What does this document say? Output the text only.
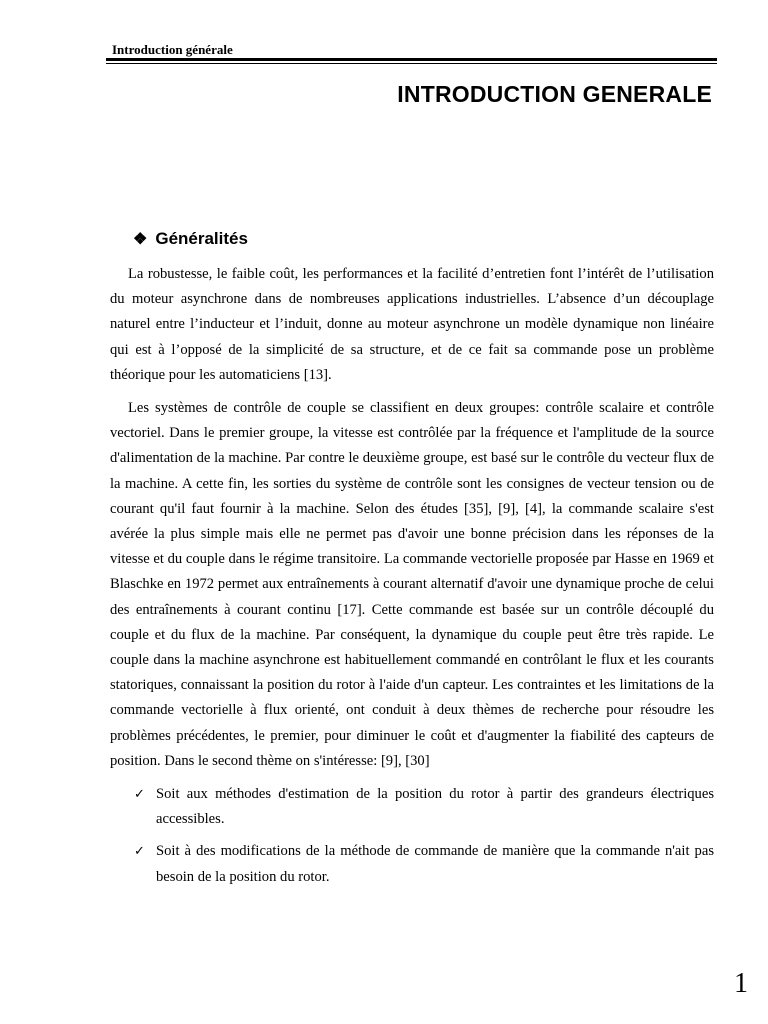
Introduction générale
INTRODUCTION GENERALE
❖ Généralités

La robustesse, le faible coût, les performances et la facilité d’entretien font l’intérêt de l’utilisation du moteur asynchrone dans de nombreuses applications industrielles. L’absence d’un découplage naturel entre l’inducteur et l’induit, donne au moteur asynchrone un modèle dynamique non linéaire qui est à l’opposé de la simplicité de sa structure, et de ce fait sa commande pose un problème théorique pour les automaticiens [13].

Les systèmes de contrôle de couple se classifient en deux groupes: contrôle scalaire et contrôle vectoriel. Dans le premier groupe, la vitesse est contrôlée par la fréquence et l'amplitude de la source d'alimentation de la machine. Par contre le deuxième groupe, est basé sur le contrôle du vecteur flux de la machine. A cette fin, les sorties du système de contrôle sont les consignes de vecteur tension ou de courant qu'il faut fournir à la machine. Selon des études [35], [9], [4], la commande scalaire s'est avérée la plus simple mais elle ne permet pas d'avoir une bonne précision dans les réponses de la vitesse et du couple dans le régime transitoire. La commande vectorielle proposée par Hasse en 1969 et Blaschke en 1972 permet aux entraînements à courant alternatif d'avoir une dynamique proche de celui des entraînements à courant continu [17]. Cette commande est basée sur un contrôle découplé du couple et du flux de la machine. Par conséquent, la dynamique du couple peut être très rapide. Le couple dans la machine asynchrone est habituellement commandé en contrôlant le flux et les courants statoriques, connaissant la position du rotor à l'aide d'un capteur. Les contraintes et les limitations de la commande vectorielle à flux orienté, ont conduit à deux thèmes de recherche pour résoudre les problèmes précédentes, le premier, pour diminuer le coût et d'augmenter la fiabilité des capteurs de position. Dans le second thème on s'intéresse: [9], [30]

✓ Soit aux méthodes d'estimation de la position du rotor à partir des grandeurs électriques accessibles.
✓ Soit à des modifications de la méthode de commande de manière que la commande n'ait pas besoin de la position du rotor.
1
